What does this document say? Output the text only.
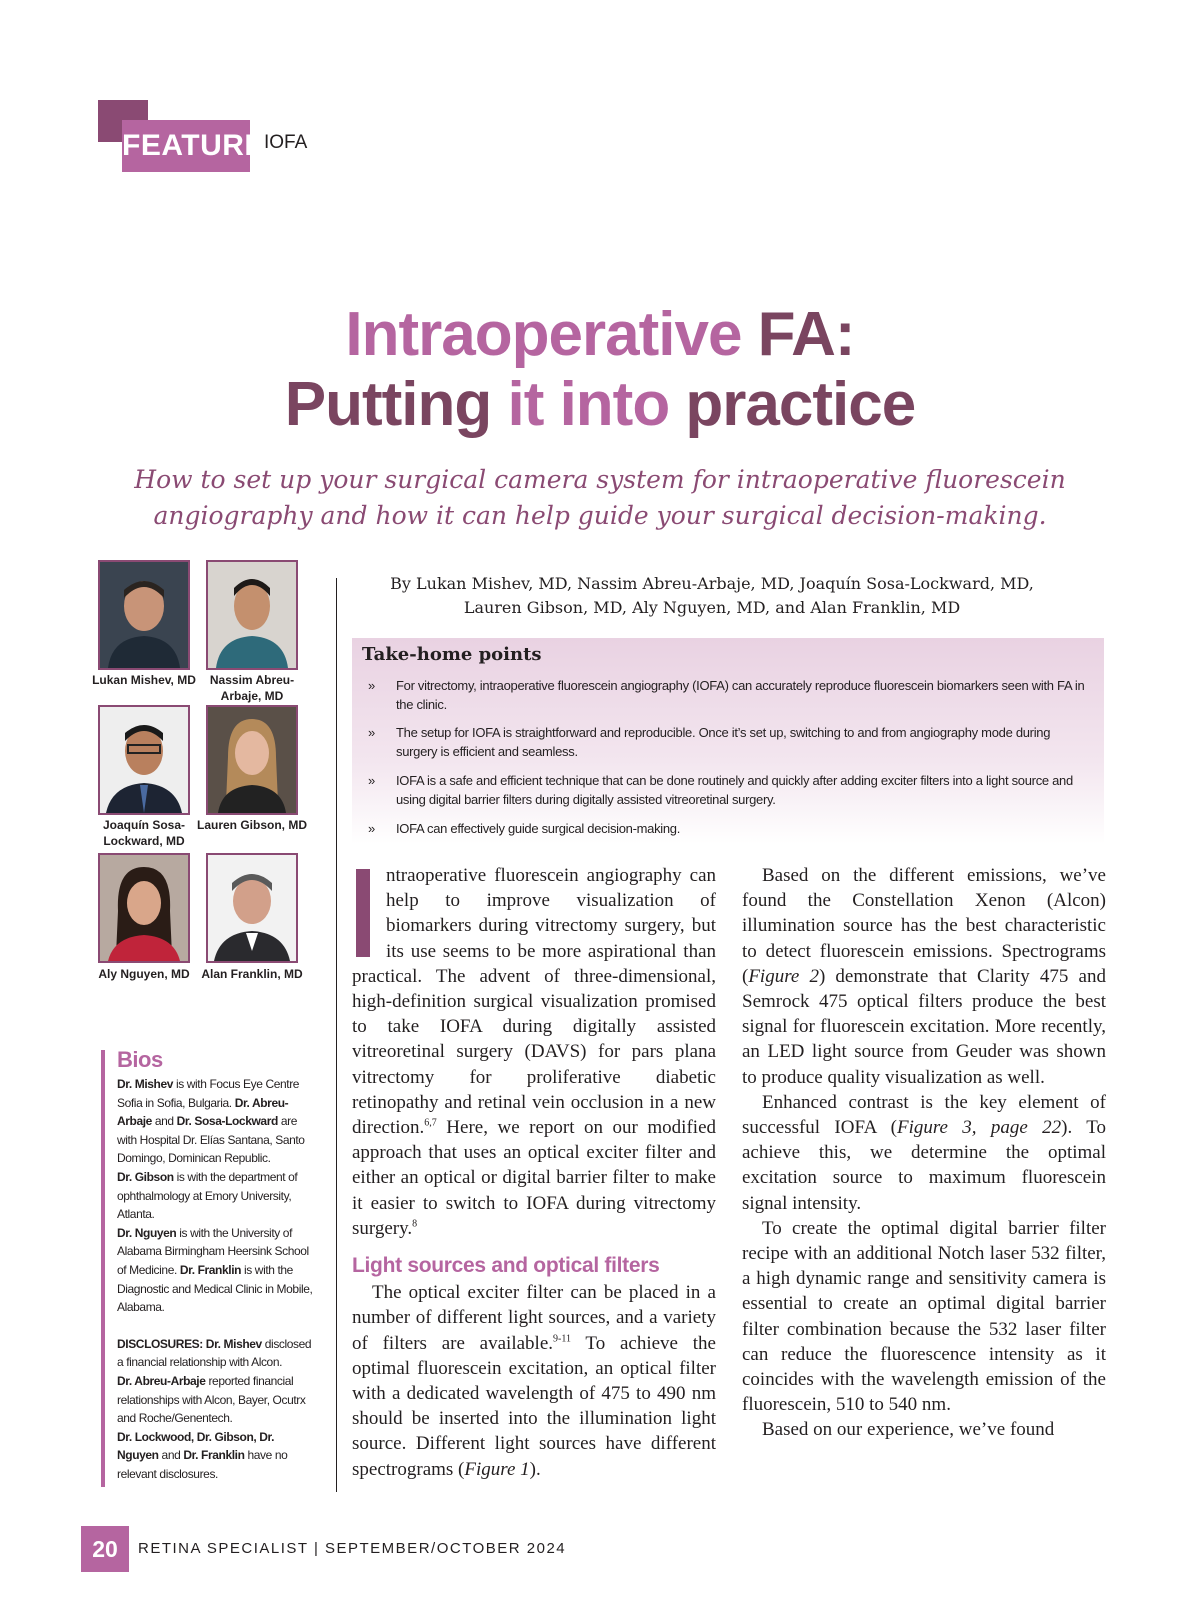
FEATURE IOFA
Intraoperative FA:
Putting it into practice
How to set up your surgical camera system for intraoperative fluorescein angiography and how it can help guide your surgical decision-making.
Lukan Mishev, MD	Nassim Abreu-
Arbaje, MD
Joaquín Sosa-
Lockward, MD
Lauren Gibson, MD
Aly Nguyen, MD Alan Franklin, MD
Bios

Dr. Mishev is with Focus Eye Centre Sofia in Sofia, Bulgaria. Dr. Abreu-Arbaje and Dr. Sosa-Lockward are with Hospital Dr. Elías Santana, Santo Domingo, Dominican Republic.

Dr. Gibson is with the department of ophthalmology at Emory University, Atlanta.

Dr. Nguyen is with the University of Alabama Birmingham Heersink School of Medicine. Dr. Franklin is with the Diagnostic and Medical Clinic in Mobile, Alabama.

DISCLOSURES: Dr. Mishev disclosed a financial relationship with Alcon.
Dr. Abreu-Arbaje reported financial relationships with Alcon, Bayer, Ocutrx and Roche/Genentech.
Dr. Lockwood, Dr. Gibson, Dr. Nguyen and Dr. Franklin have no relevant disclosures.

By Lukan Mishev, MD, Nassim Abreu-Arbaje, MD, Joaquín Sosa-Lockward, MD,
Lauren Gibson, MD, Aly Nguyen, MD, and Alan Franklin, MD
Take-home points
» For vitrectomy, intraoperative fluorescein angiography (IOFA) can accurately reproduce fluorescein biomarkers seen with FA in the clinic.
» The setup for IOFA is straightforward and reproducible. Once it’s set up, switching to and from angiography mode during surgery is efficient and seamless.
» IOFA is a safe and efficient technique that can be done routinely and quickly after adding exciter filters into a light source and using digital barrier filters during digitally assisted vitreoretinal surgery.
» IOFA can effectively guide surgical decision-making.

ntraoperative fluorescein angiography can help to improve visualization of biomarkers during vitrectomy surgery, but its use seems to be more aspirational than practical. The advent of three-dimensional, high-definition surgical visualization promised to take IOFA during digitally assisted vitreoretinal surgery (DAVS) for pars plana vitrectomy for proliferative diabetic retinopathy and retinal vein occlusion in a new direction.$^{6,7}$ Here, we report on our modified approach that uses an optical exciter filter and either an optical or digital barrier filter to make it easier to switch to IOFA during vitrectomy surgery.$^8$

Light sources and optical filters

The optical exciter filter can be placed in a number of different light sources, and a variety of filters are available.$^{9-11}$ To achieve the optimal fluorescein excitation, an optical filter with a dedicated wavelength of 475 to 490 nm should be inserted into the illumination light source. Different light sources have different spectrograms (Figure 1).

Based on the different emissions, we’ve found the Constellation Xenon (Alcon) illumination source has the best characteristic to detect fluorescein emissions. Spectrograms (Figure 2) demonstrate that Clarity 475 and Semrock 475 optical filters produce the best signal for fluorescein excitation. More recently, an LED light source from Geuder was shown to produce quality visualization as well.

Enhanced contrast is the key element of successful IOFA (Figure 3, page 22). To achieve this, we determine the optimal excitation source to maximum fluorescein signal intensity.

To create the optimal digital barrier filter recipe with an additional Notch laser 532 filter, a high dynamic range and sensitivity camera is essential to create an optimal digital barrier filter combination because the 532 laser filter can reduce the fluorescence intensity as it coincides with the wavelength emission of the fluorescein, 510 to 540 nm.

Based on our experience, we’ve found

20	RETINA SPECIALIST | SEPTEMBER/OCTOBER 2024
